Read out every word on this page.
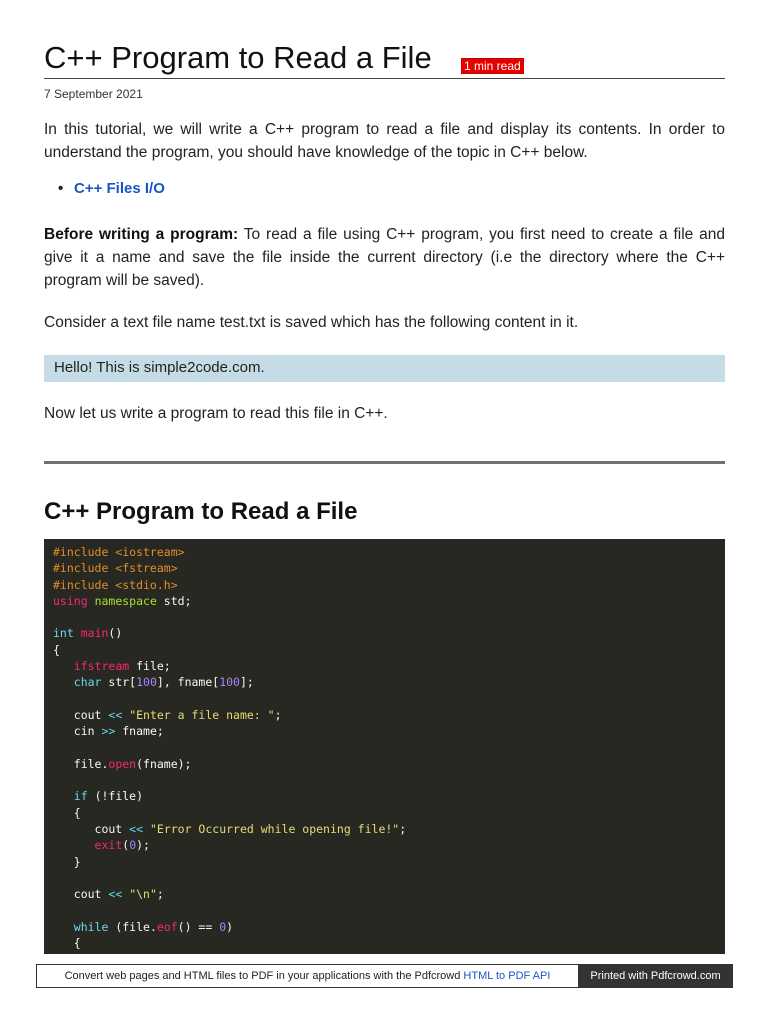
C++ Program to Read a File	1 min read
7 September 2021

In this tutorial, we will write a C++ program to read a file and display its contents. In order to understand the program, you should have knowledge of the topic in C++ below.

• C++ Files I/O

Before writing a program: To read a file using C++ program, you first need to create a file and give it a name and save the file inside the current directory (i.e the directory where the C++ program will be saved).

Consider a text file name test.txt is saved which has the following content in it.

Hello! This is simple2code.com.

Now let us write a program to read this file in C++.

C++ Program to Read a File
#include <iostream>
#include <fstream>
#include <stdio.h>
using namespace std;

int main()
{
ifstream file;
char str[100], fname[100];

cout << "Enter a file name: ";
cin >> fname;

file.open(fname);

if (!file)
{
cout << "Error Occurred while opening file!";
exit(0);
}

cout << "\n";

while (file.eof() == 0)
{
Convert web pages and HTML files to PDF in your applications with the Pdfcrowd HTML to PDF API	Printed with Pdfcrowd.com
